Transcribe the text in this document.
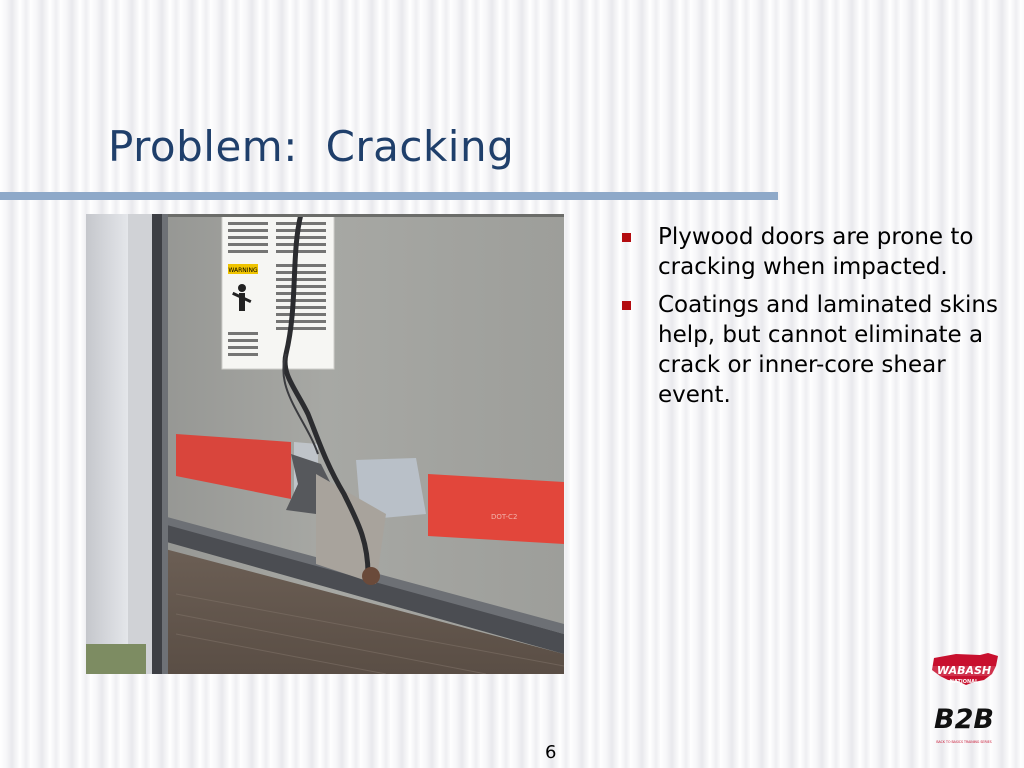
Problem:  Cracking
WARNING
DOT-C2
Plywood doors are prone to cracking when impacted.
Coatings and laminated skins help, but cannot eliminate a crack or inner-core shear event.
6
WABASH
NATIONAL
B2B
BACK TO BASICS TRAINING SERIES
